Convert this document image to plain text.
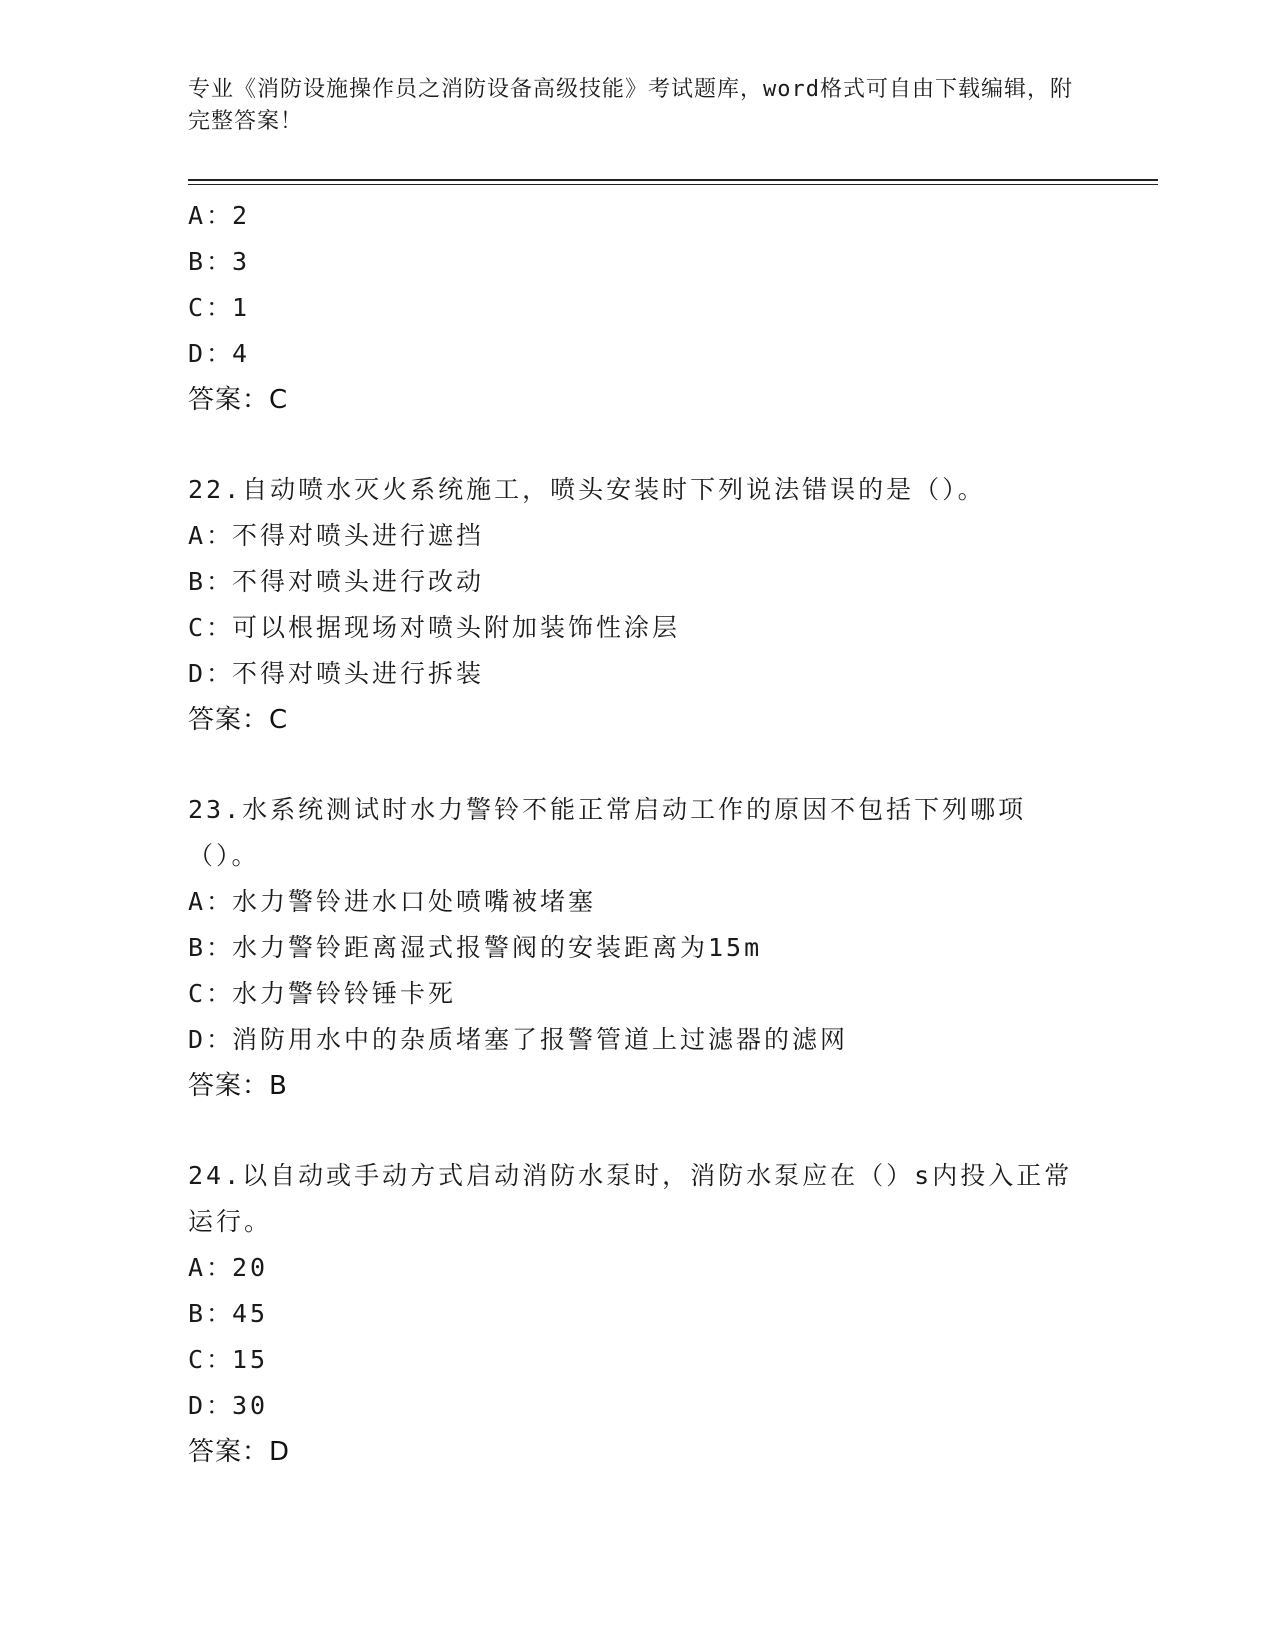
专业《消防设施操作员之消防设备高级技能》考试题库，word格式可自由下载编辑，附完整答案！
A：2
B：3
C：1
D：4
答案：C
22.自动喷水灭火系统施工，喷头安装时下列说法错误的是（）。
A：不得对喷头进行遮挡
B：不得对喷头进行改动
C：可以根据现场对喷头附加装饰性涂层
D：不得对喷头进行拆装
答案：C
23.水系统测试时水力警铃不能正常启动工作的原因不包括下列哪项（）。
A：水力警铃进水口处喷嘴被堵塞
B：水力警铃距离湿式报警阀的安装距离为15m
C：水力警铃铃锤卡死
D：消防用水中的杂质堵塞了报警管道上过滤器的滤网
答案：B
24.以自动或手动方式启动消防水泵时，消防水泵应在（）s内投入正常运行。
A：20
B：45
C：15
D：30
答案：D
